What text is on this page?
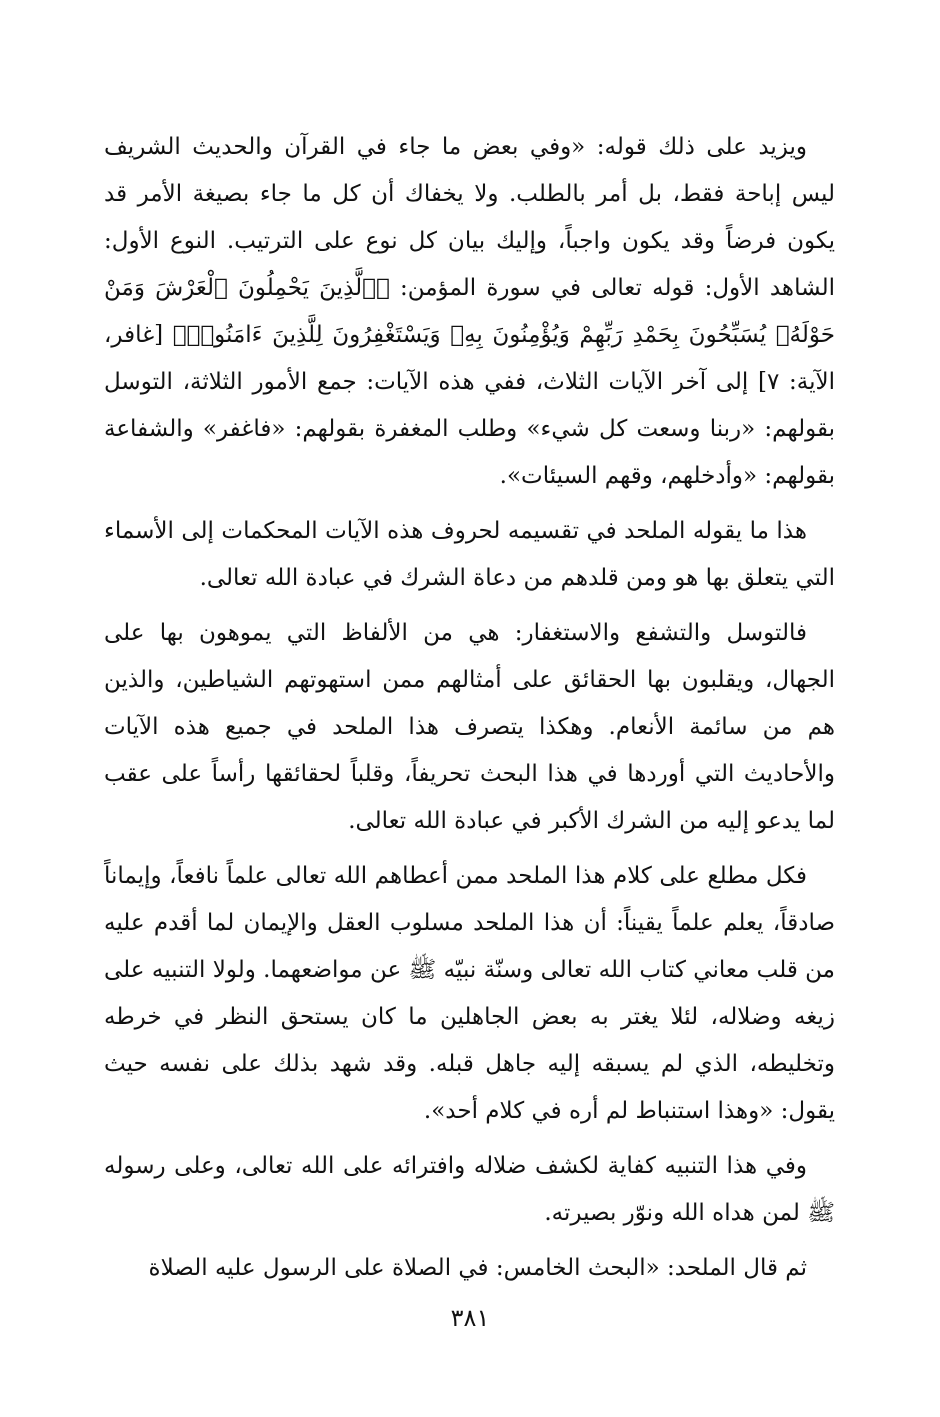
ويزيد على ذلك قوله: «وفي بعض ما جاء في القرآن والحديث الشريف ليس إباحة فقط، بل أمر بالطلب. ولا يخفاك أن كل ما جاء بصيغة الأمر قد يكون فرضاً وقد يكون واجباً، وإليك بيان كل نوع على الترتيب. النوع الأول: الشاهد الأول: قوله تعالى في سورة المؤمن: ﴿ٱلَّذِينَ يَحْمِلُونَ ٱلْعَرْشَ وَمَنْ حَوْلَهُۥ يُسَبِّحُونَ بِحَمْدِ رَبِّهِمْ وَيُؤْمِنُونَ بِهِۦ وَيَسْتَغْفِرُونَ لِلَّذِينَ ءَامَنُوا۟﴾ [غافر، الآية: ٧] إلى آخر الآيات الثلاث، ففي هذه الآيات: جمع الأمور الثلاثة، التوسل بقولهم: «ربنا وسعت كل شيء» وطلب المغفرة بقولهم: «فاغفر» والشفاعة بقولهم: «وأدخلهم، وقهم السيئات».

هذا ما يقوله الملحد في تقسيمه لحروف هذه الآيات المحكمات إلى الأسماء التي يتعلق بها هو ومن قلدهم من دعاة الشرك في عبادة الله تعالى.

فالتوسل والتشفع والاستغفار: هي من الألفاظ التي يموهون بها على الجهال، ويقلبون بها الحقائق على أمثالهم ممن استهوتهم الشياطين، والذين هم من سائمة الأنعام. وهكذا يتصرف هذا الملحد في جميع هذه الآيات والأحاديث التي أوردها في هذا البحث تحريفاً، وقلباً لحقائقها رأساً على عقب لما يدعو إليه من الشرك الأكبر في عبادة الله تعالى.

فكل مطلع على كلام هذا الملحد ممن أعطاهم الله تعالى علماً نافعاً، وإيماناً صادقاً، يعلم علماً يقيناً: أن هذا الملحد مسلوب العقل والإيمان لما أقدم عليه من قلب معاني كتاب الله تعالى وسنّة نبيّه ﷺ عن مواضعهما. ولولا التنبيه على زيغه وضلاله، لئلا يغتر به بعض الجاهلين ما كان يستحق النظر في خرطه وتخليطه، الذي لم يسبقه إليه جاهل قبله. وقد شهد بذلك على نفسه حيث يقول: «وهذا استنباط لم أره في كلام أحد».

وفي هذا التنبيه كفاية لكشف ضلاله وافترائه على الله تعالى، وعلى رسوله ﷺ لمن هداه الله ونوّر بصيرته.

ثم قال الملحد: «البحث الخامس: في الصلاة على الرسول عليه الصلاة

٣٨١
